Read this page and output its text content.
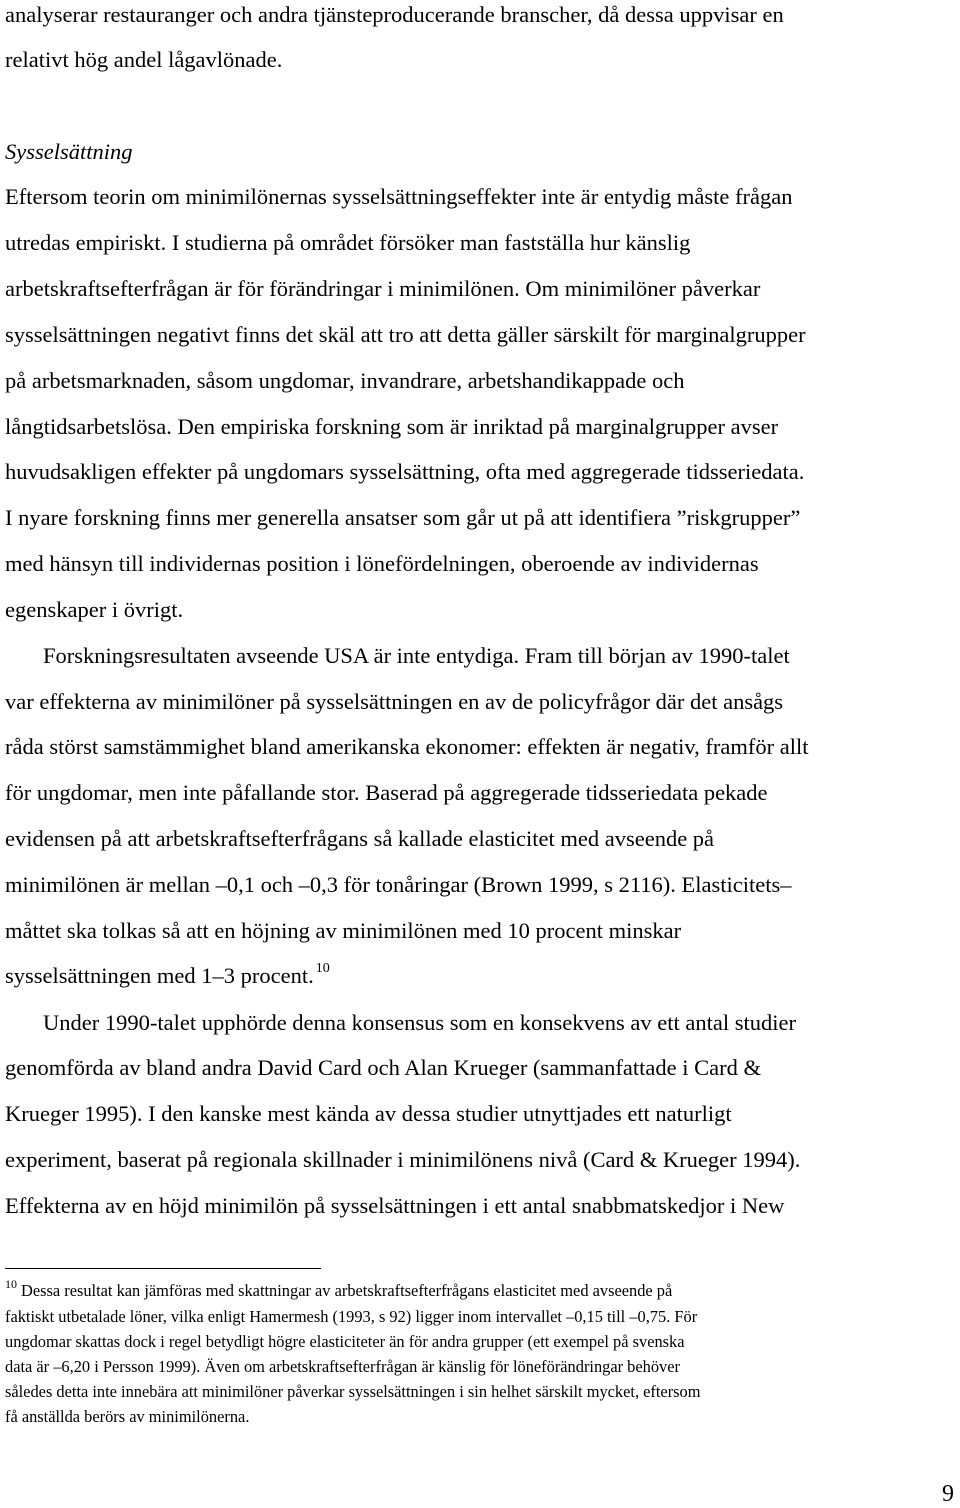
analyserar restauranger och andra tjänsteproducerande branscher, då dessa uppvisar en

relativt hög andel lågavlönade.

Sysselsättning

Eftersom teorin om minimilönernas sysselsättningseffekter inte är entydig måste frågan

utredas empiriskt. I studierna på området försöker man fastställa hur känslig

arbetskraftsefterfrågan är för förändringar i minimilönen. Om minimilöner påverkar

sysselsättningen negativt finns det skäl att tro att detta gäller särskilt för marginalgrupper

på arbetsmarknaden, såsom ungdomar, invandrare, arbetshandikappade och

långtidsarbetslösa. Den empiriska forskning som är inriktad på marginalgrupper avser

huvudsakligen effekter på ungdomars sysselsättning, ofta med aggregerade tidsseriedata.

I nyare forskning finns mer generella ansatser som går ut på att identifiera ”riskgrupper”

med hänsyn till individernas position i lönefördelningen, oberoende av individernas

egenskaper i övrigt.

Forskningsresultaten avseende USA är inte entydiga. Fram till början av 1990-talet

var effekterna av minimilöner på sysselsättningen en av de policyfrågor där det ansågs

råda störst samstämmighet bland amerikanska ekonomer: effekten är negativ, framför allt

för ungdomar, men inte påfallande stor. Baserad på aggregerade tidsseriedata pekade

evidensen på att arbetskraftsefterfrågans så kallade elasticitet med avseende på

minimilönen är mellan –0,1 och –0,3 för tonåringar (Brown 1999, s 2116). Elasticitets–

måttet ska tolkas så att en höjning av minimilönen med 10 procent minskar

sysselsättningen med 1–3 procent. $^{10}$

Under 1990-talet upphörde denna konsensus som en konsekvens av ett antal studier

genomförda av bland andra David Card och Alan Krueger (sammanfattade i Card &

Krueger 1995). I den kanske mest kända av dessa studier utnyttjades ett naturligt

experiment, baserat på regionala skillnader i minimilönens nivå (Card & Krueger 1994).

Effekterna av en höjd minimilön på sysselsättningen i ett antal snabbmatskedjor i New

$^{10}$ Dessa resultat kan jämföras med skattningar av arbetskraftsefterfrågans elasticitet med avseende på

faktiskt utbetalade löner, vilka enligt Hamermesh (1993, s 92) ligger inom intervallet –0,15 till –0,75. För

ungdomar skattas dock i regel betydligt högre elasticiteter än för andra grupper (ett exempel på svenska

data är –6,20 i Persson 1999). Även om arbetskraftsefterfrågan är känslig för löneförändringar behöver

således detta inte innebära att minimilöner påverkar sysselsättningen i sin helhet särskilt mycket, eftersom

få anställda berörs av minimilönerna.

9
